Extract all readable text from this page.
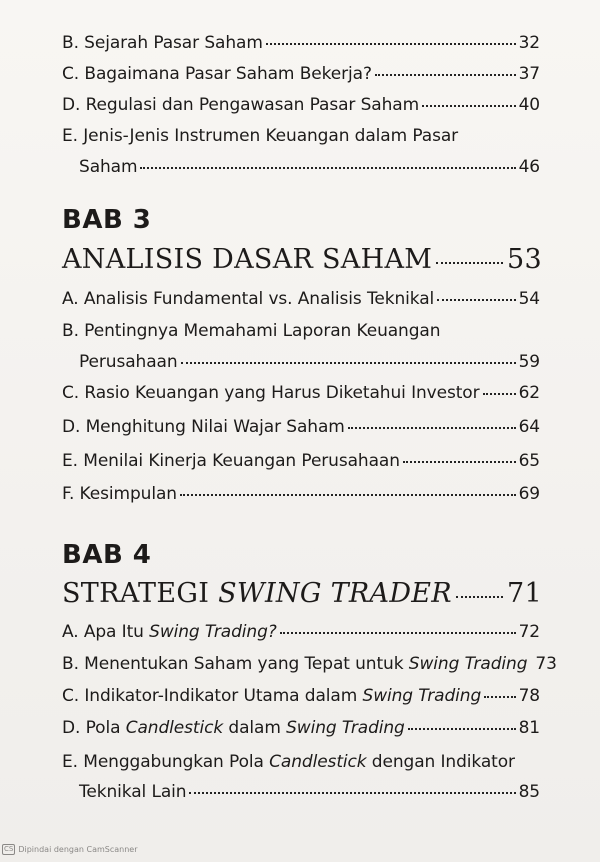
B. Sejarah Pasar Saham	32
C. Bagaimana Pasar Saham Bekerja?	37
D. Regulasi dan Pengawasan Pasar Saham	40
E. Jenis-Jenis Instrumen Keuangan dalam Pasar
Saham	46
BAB 3
ANALISIS DASAR SAHAM	53
A. Analisis Fundamental vs. Analisis Teknikal	54
B. Pentingnya Memahami Laporan Keuangan
Perusahaan	59
C. Rasio Keuangan yang Harus Diketahui Investor 62
D. Menghitung Nilai Wajar Saham	64
E. Menilai Kinerja Keuangan Perusahaan	65
F. Kesimpulan	69
BAB 4
STRATEGI SWING TRADER 71
A. Apa Itu Swing Trading?	72
B. Menentukan Saham yang Tepat untuk Swing Trading 73
C. Indikator-Indikator Utama dalam Swing Trading 78
D. Pola Candlestick dalam Swing Trading	81
E. Menggabungkan Pola Candlestick dengan Indikator
Teknikal Lain	85
CS Dipindai dengan CamScanner
